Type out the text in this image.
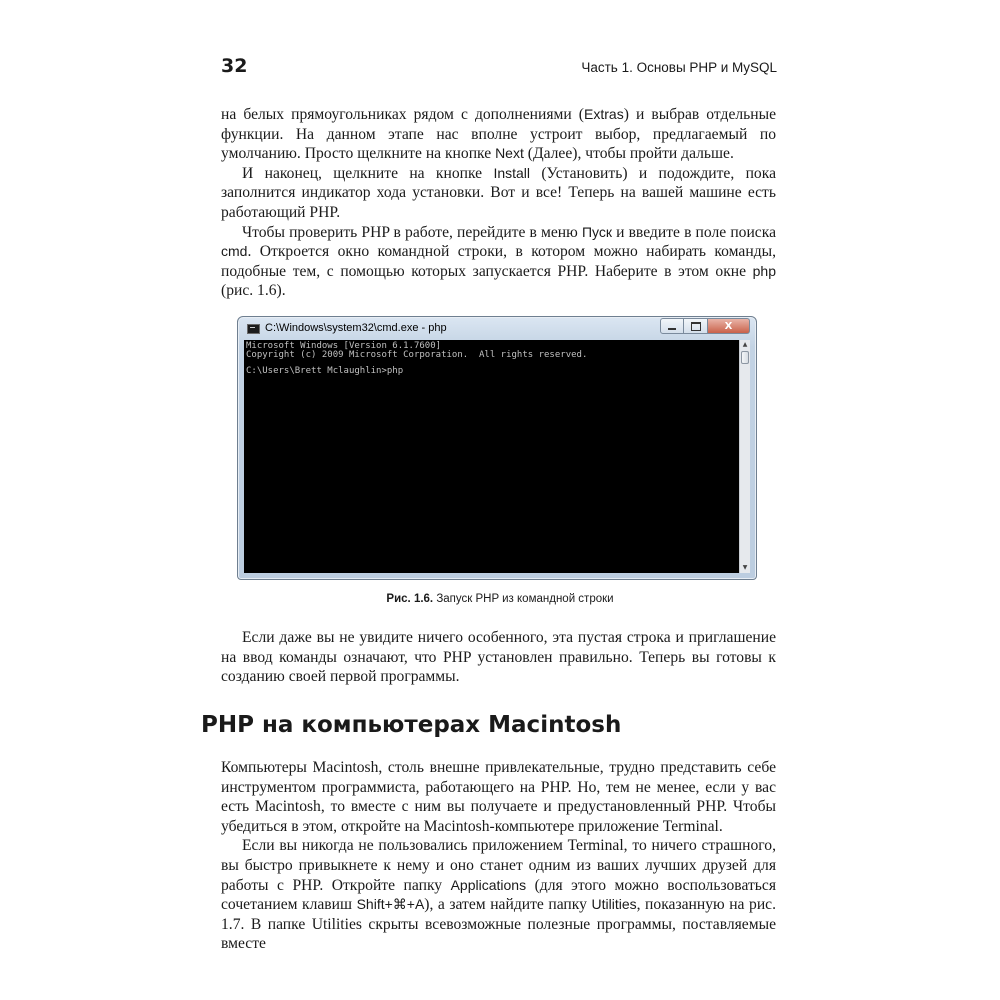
32	Часть 1. Основы PHP и MySQL

на белых прямоугольниках рядом с дополнениями (Extras) и выбрав отдельные функции. На данном этапе нас вполне устроит выбор, предлагаемый по умолчанию. Просто щелкните на кнопке Next (Далее), чтобы пройти дальше.

И наконец, щелкните на кнопке Install (Установить) и подождите, пока заполнится индикатор хода установки. Вот и все! Теперь на вашей машине есть работающий PHP.

Чтобы проверить PHP в работе, перейдите в меню Пуск и введите в поле поиска cmd. Откроется окно командной строки, в котором можно набирать команды, подобные тем, с помощью которых запускается PHP. Наберите в этом окне php (рис. 1.6).

C:\Windows\system32\cmd.exe - php	X
Microsoft Windows [Version 6.1.7600]
Copyright (c) 2009 Microsoft Corporation.  All rights reserved.
C:\Users\Brett Mclaughlin>php
▲
▼
Рис. 1.6. Запуск PHP из командной строки

Если даже вы не увидите ничего особенного, эта пустая строка и приглашение на ввод команды означают, что PHP установлен правильно. Теперь вы готовы к созданию своей первой программы.

PHP на компьютерах Macintosh

Компьютеры Macintosh, столь внешне привлекательные, трудно представить себе инструментом программиста, работающего на PHP. Но, тем не менее, если у вас есть Macintosh, то вместе с ним вы получаете и предустановленный PHP. Чтобы убедиться в этом, откройте на Macintosh-компьютере приложение Terminal.

Если вы никогда не пользовались приложением Terminal, то ничего страшного, вы быстро привыкнете к нему и оно станет одним из ваших лучших друзей для работы с PHP. Откройте папку Applications (для этого можно воспользоваться сочетанием клавиш Shift+⌘+A), а затем найдите папку Utilities, показанную на рис. 1.7. В папке Utilities скрыты всевозможные полезные программы, поставляемые вместе
